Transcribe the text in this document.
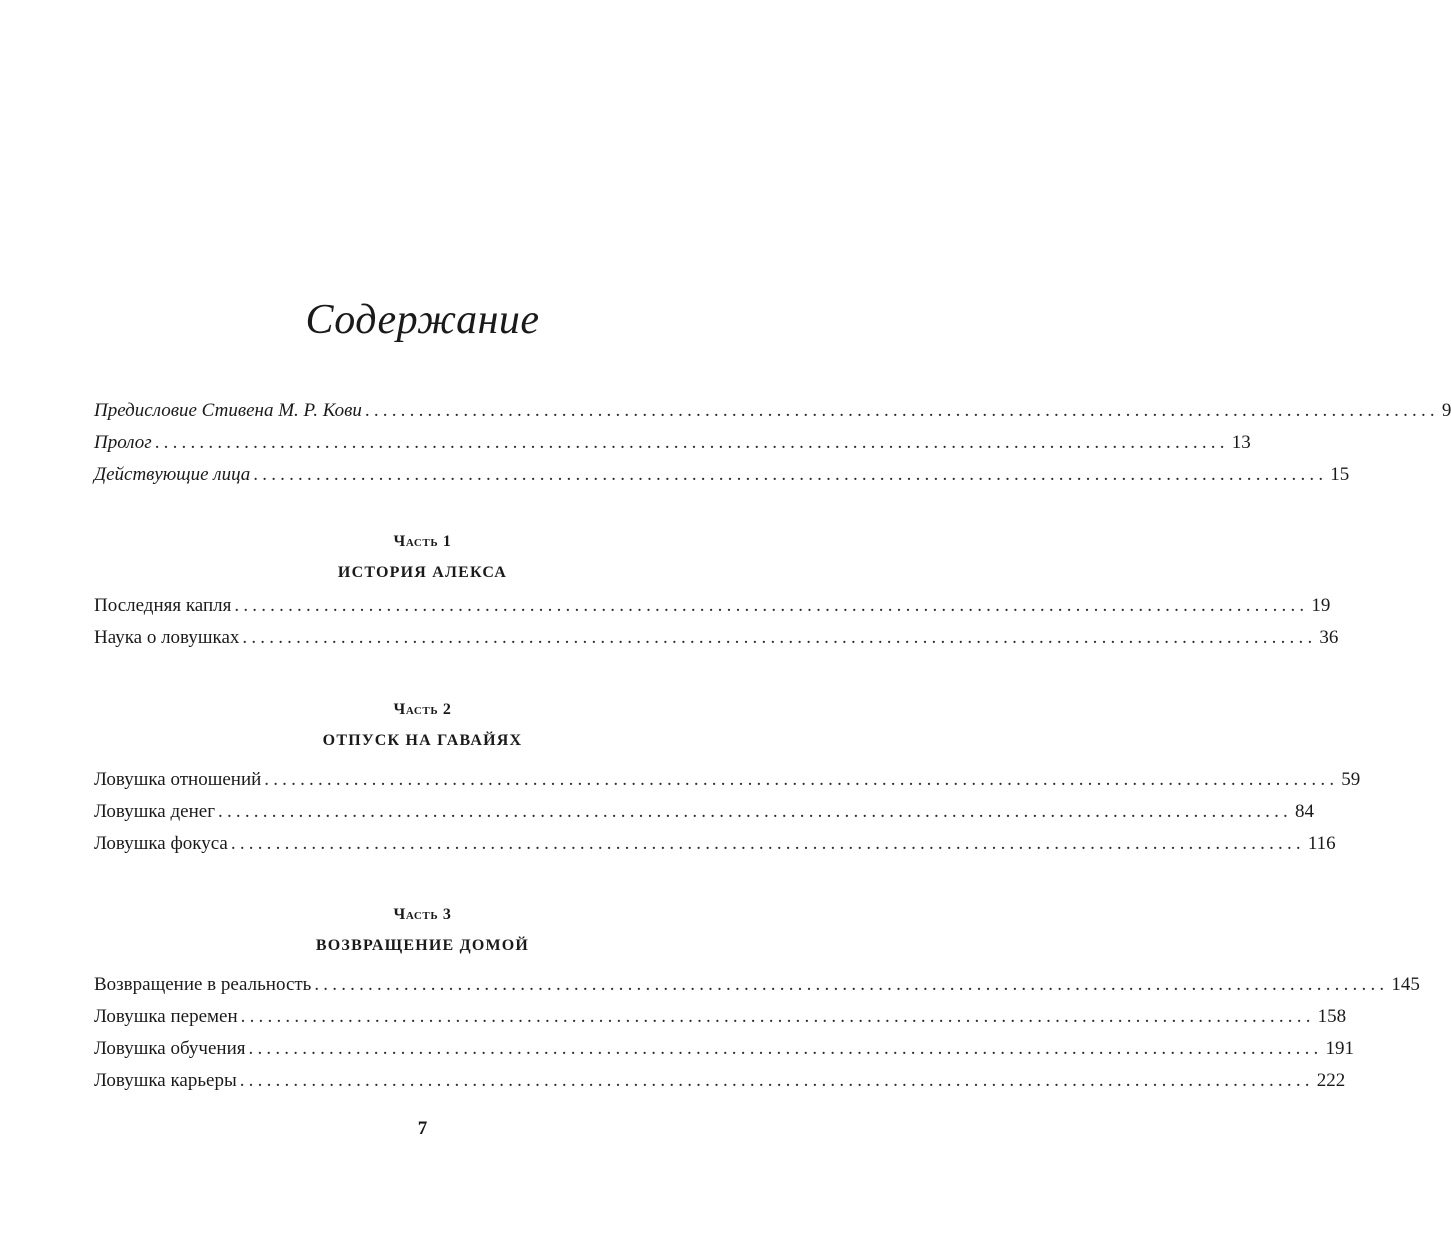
Содержание
Предисловие Стивена М. Р. Кови ........................................................................................................................ 9
Пролог ........................................................................................................................ 13
Действующие лица ........................................................................................................................ 15
Часть 1
ИСТОРИЯ АЛЕКСА
Последняя капля ........................................................................................................................ 19
Наука о ловушках ........................................................................................................................ 36
Часть 2
ОТПУСК НА ГАВАЙЯХ
Ловушка отношений ........................................................................................................................ 59
Ловушка денег ........................................................................................................................ 84
Ловушка фокуса ........................................................................................................................ 116
Часть 3
ВОЗВРАЩЕНИЕ ДОМОЙ
Возвращение в реальность ........................................................................................................................ 145
Ловушка перемен ........................................................................................................................ 158
Ловушка обучения ........................................................................................................................ 191
Ловушка карьеры ........................................................................................................................ 222
7
